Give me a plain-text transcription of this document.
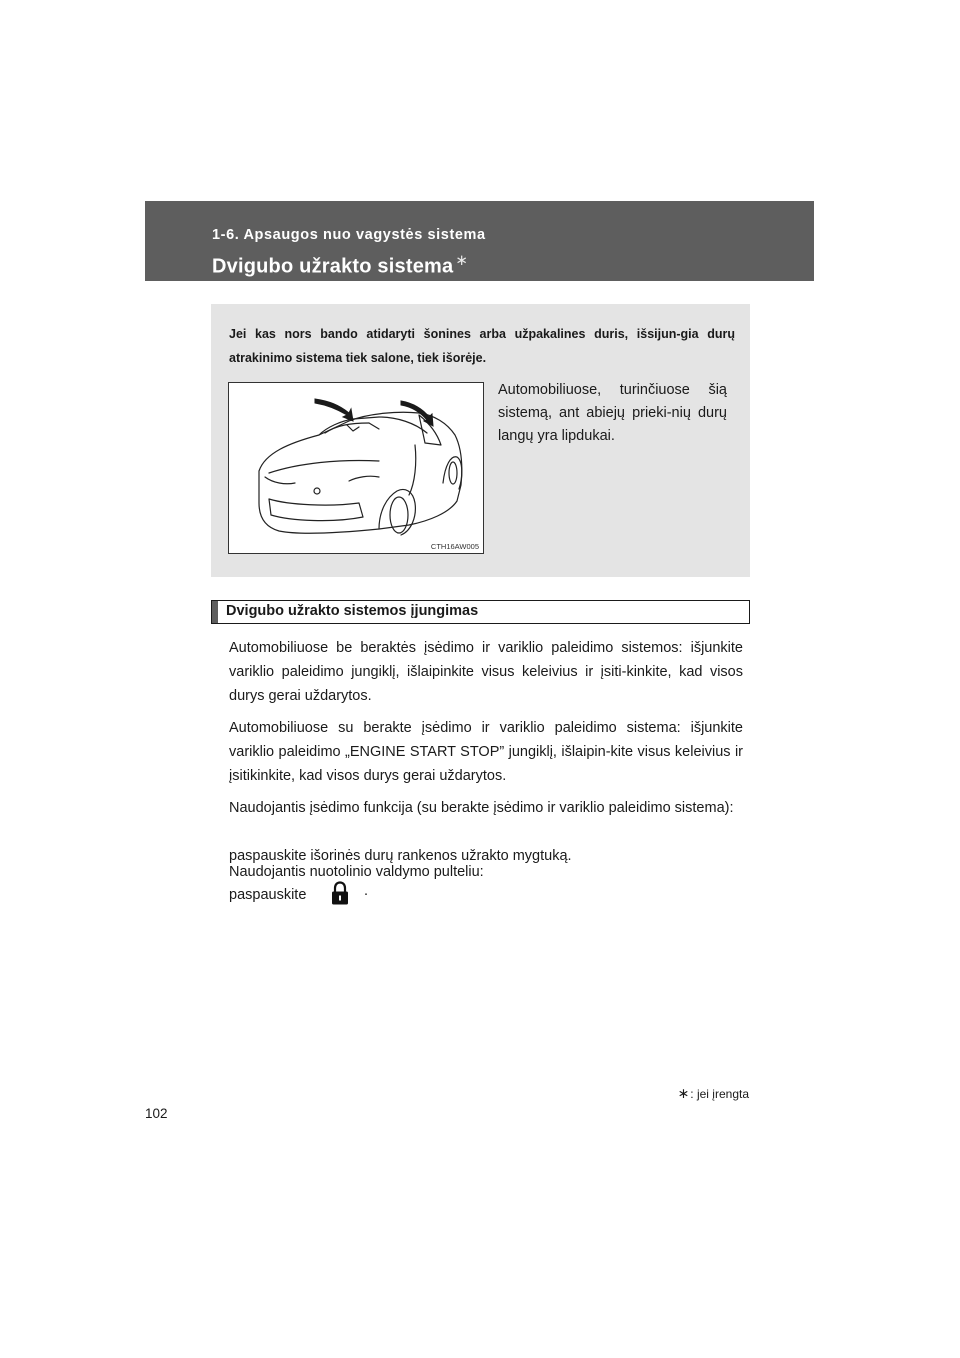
1-6. Apsaugos nuo vagystės sistema
Dvigubo užrakto sistema ∗
Jei kas nors bando atidaryti šonines arba užpakalines duris, išsijun-gia durų atrakinimo sistema tiek salone, tiek išorėje.
CTH16AW005
Automobiliuose, turinčiuose šią sistemą, ant abiejų prieki-nių durų langų yra lipdukai.
Dvigubo užrakto sistemos įjungimas
Automobiliuose be beraktės įsėdimo ir variklio paleidimo sistemos: išjunkite variklio paleidimo jungiklį, išlaipinkite visus keleivius ir įsiti-kinkite, kad visos durys gerai uždarytos.
Automobiliuose su berakte įsėdimo ir variklio paleidimo sistema: išjunkite variklio paleidimo „ENGINE START STOP” jungiklį, išlaipin-kite visus keleivius ir įsitikinkite, kad visos durys gerai uždarytos.
Naudojantis įsėdimo funkcija (su berakte įsėdimo ir variklio paleidimo sistema):
paspauskite išorinės durų rankenos užrakto mygtuką.
Naudojantis nuotolinio valdymo pulteliu:
paspauskite	.
∗: jei įrengta
102
